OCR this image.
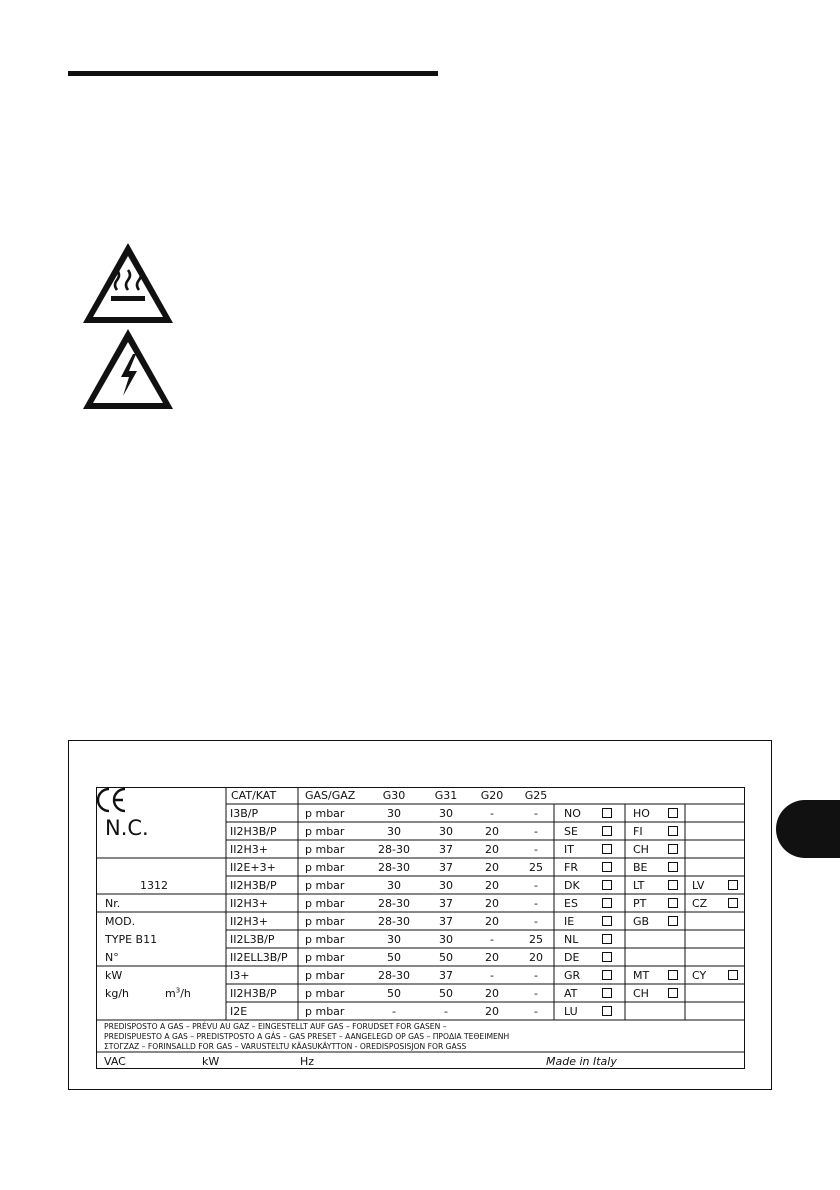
CAT/KAT	GAS/GAZ	G30	G31	G20	G25
N.C.
1312
Nr.
MOD.
TYPE B11
N°
kW
kg/h	$m^3/h$
I3B/P	p mbar	30	30	-	-	NO	HO
II2H3B/P	p mbar	30	30	20	-	SE	FI
II2H3+	p mbar	28-30	37	20	-	IT	CH
II2E+3+	p mbar	28-30	37	20	25	FR	BE
II2H3B/P	p mbar	30	30	20	-	DK	LT	LV
II2H3+	p mbar	28-30	37	20	-	ES	PT	CZ
II2H3+	p mbar	28-30	37	20	-	IE	GB
II2L3B/P	p mbar	30	30	-	25	NL
II2ELL3B/P p mbar	50	50	20	20	DE
I3+	p mbar	28-30	37	-	-	GR	MT	CY
II2H3B/P	p mbar	50	50	20	-	AT	CH
I2E	p mbar	-	-	20	-	LU
PREDISPOSTO A GAS – PRÉVU AU GAZ – EINGESTELLT AUF GAS – FORUDSET FOR GASEN –
PREDISPUESTO A GAS – PREDISTPOSTO A GÁS – GAS PRESET – AANGELEGD OP GAS – ΠΡΟΔΙΑ ΤΕΘΕΙΜΕΝΗ
ΣΤΟΓΖΑΖ – FORINSALLD FOR GAS – VARUSTELTU KÄASUKÄYTTON - OREDISPOSISJON FOR GASS
VAC	kW	Hz	Made in Italy
